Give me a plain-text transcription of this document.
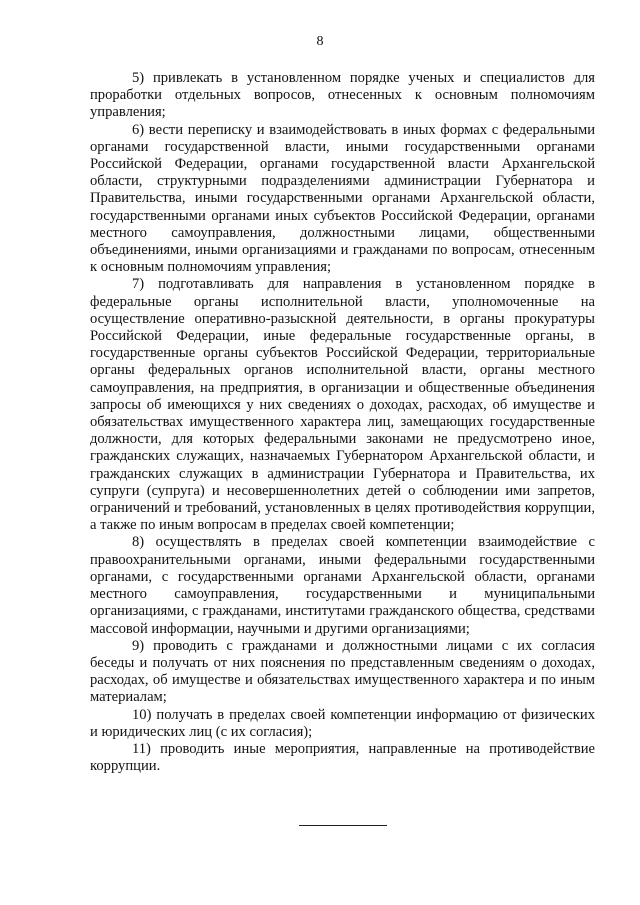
8

5) привлекать в установленном порядке ученых и специалистов для проработки отдельных вопросов, отнесенных к основным полномочиям управления;

6) вести переписку и взаимодействовать в иных формах с федеральными органами государственной власти, иными государственными органами Российской Федерации, органами государственной власти Архангельской области, структурными подразделениями администрации Губернатора и Правительства, иными государственными органами Архангельской области, государственными органами иных субъектов Российской Федерации, органами местного самоуправления, должностными лицами, общественными объединениями, иными организациями и гражданами по вопросам, отнесенным к основным полномочиям управления;

7) подготавливать для направления в установленном порядке в федеральные органы исполнительной власти, уполномоченные на осуществление оперативно-разыскной деятельности, в органы прокуратуры Российской Федерации, иные федеральные государственные органы, в государственные органы субъектов Российской Федерации, территориальные органы федеральных органов исполнительной власти, органы местного самоуправления, на предприятия, в организации и общественные объединения запросы об имеющихся у них сведениях о доходах, расходах, об имуществе и обязательствах имущественного характера лиц, замещающих государственные должности, для которых федеральными законами не предусмотрено иное, гражданских служащих, назначаемых Губернатором Архангельской области, и гражданских служащих в администрации Губернатора и Правительства, их супруги (супруга) и несовершеннолетних детей о соблюдении ими запретов, ограничений и требований, установленных в целях противодействия коррупции, а также по иным вопросам в пределах своей компетенции;

8) осуществлять в пределах своей компетенции взаимодействие с правоохранительными органами, иными федеральными государственными органами, с государственными органами Архангельской области, органами местного самоуправления, государственными и муниципальными организациями, с гражданами, институтами гражданского общества, средствами массовой информации, научными и другими организациями;

9) проводить с гражданами и должностными лицами с их согласия беседы и получать от них пояснения по представленным сведениям о доходах, расходах, об имуществе и обязательствах имущественного характера и по иным материалам;

10) получать в пределах своей компетенции информацию от физических и юридических лиц (с их согласия);

11) проводить иные мероприятия, направленные на противодействие коррупции.
